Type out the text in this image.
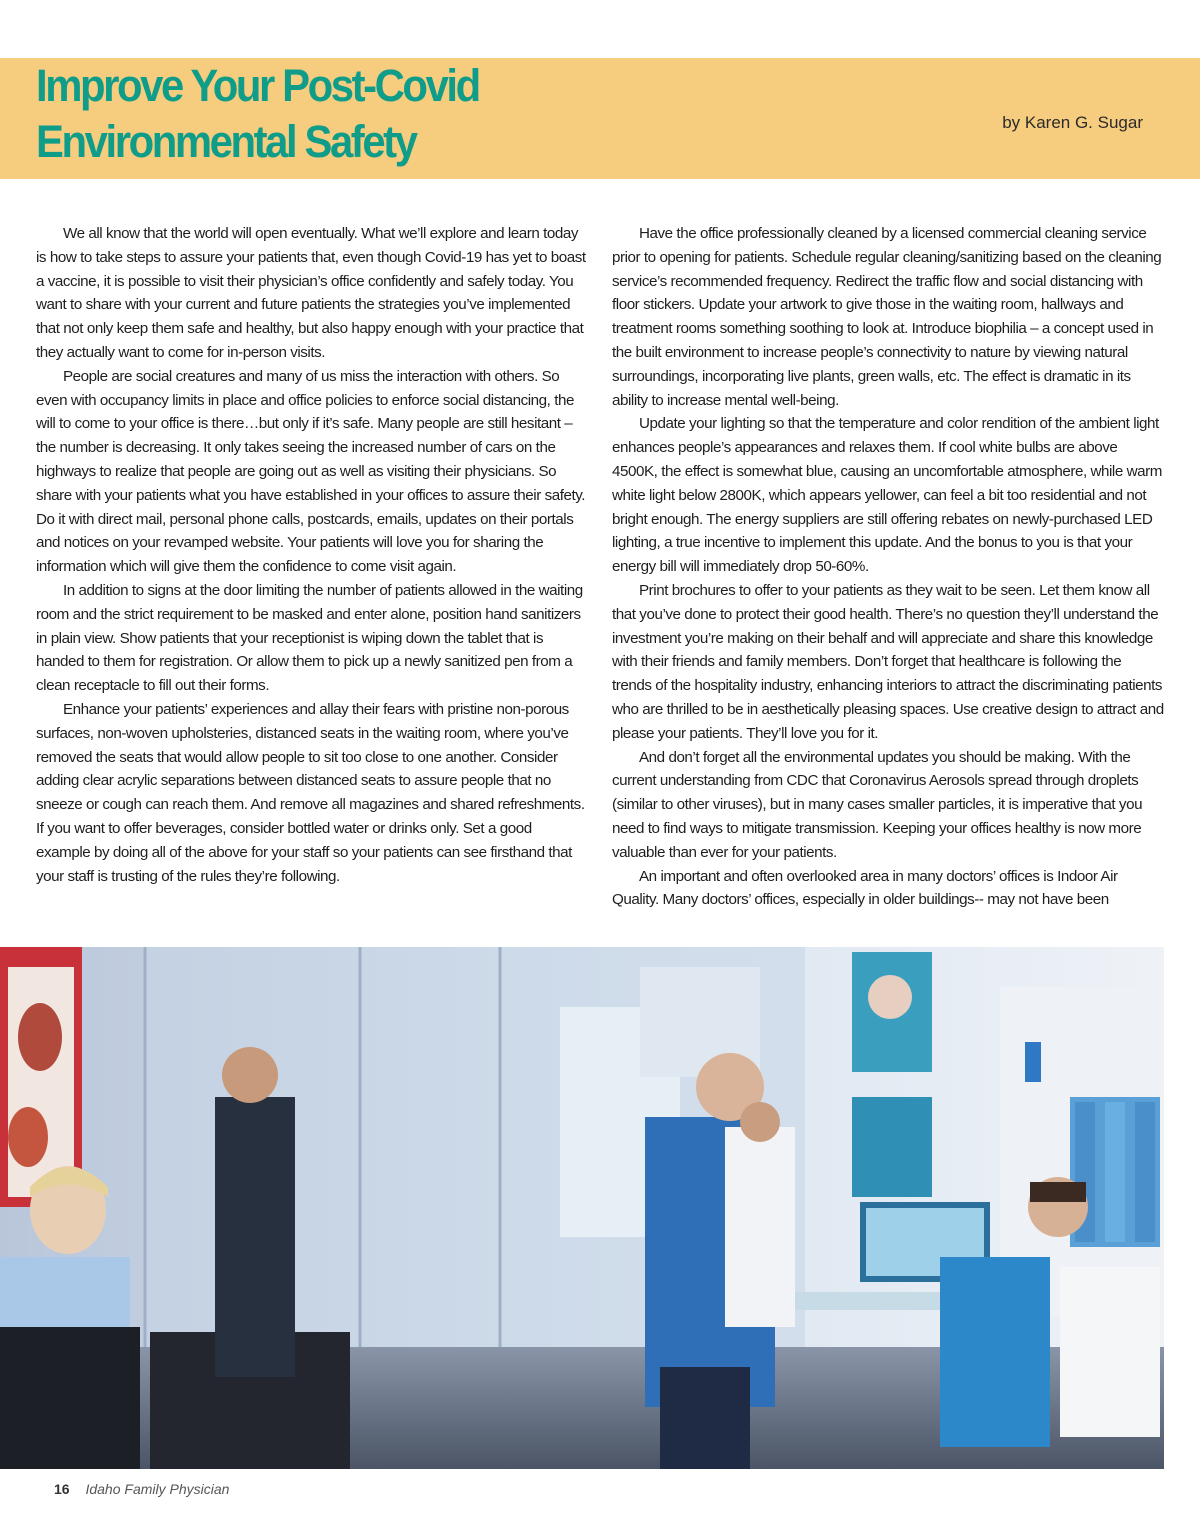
Improve Your Post-Covid
Environmental Safety	by Karen G. Sugar

We all know that the world will open eventually. What we’ll explore and learn today is how to take steps to assure your patients that, even though Covid-19 has yet to boast a vaccine, it is possible to visit their physician’s office confidently and safely today. You want to share with your current and future patients the strategies you’ve implemented that not only keep them safe and healthy, but also happy enough with your practice that they actually want to come for in-person visits.

People are social creatures and many of us miss the interaction with others. So even with occupancy limits in place and office policies to enforce social distancing, the will to come to your office is there…but only if it’s safe. Many people are still hesitant – the number is decreasing. It only takes seeing the increased number of cars on the highways to realize that people are going out as well as visiting their physicians. So share with your patients what you have established in your offices to assure their safety. Do it with direct mail, personal phone calls, postcards, emails, updates on their portals and notices on your revamped website. Your patients will love you for sharing the information which will give them the confidence to come visit again.

In addition to signs at the door limiting the number of patients allowed in the waiting room and the strict requirement to be masked and enter alone, position hand sanitizers in plain view. Show patients that your receptionist is wiping down the tablet that is handed to them for registration. Or allow them to pick up a newly sanitized pen from a clean receptacle to fill out their forms.

Enhance your patients’ experiences and allay their fears with pristine non-porous surfaces, non-woven upholsteries, distanced seats in the waiting room, where you’ve removed the seats that would allow people to sit too close to one another. Consider adding clear acrylic separations between distanced seats to assure people that no sneeze or cough can reach them. And remove all magazines and shared refreshments. If you want to offer beverages, consider bottled water or drinks only. Set a good example by doing all of the above for your staff so your patients can see firsthand that your staff is trusting of the rules they’re following.

Have the office professionally cleaned by a licensed commercial cleaning service prior to opening for patients. Schedule regular cleaning/sanitizing based on the cleaning service’s recommended frequency. Redirect the traffic flow and social distancing with floor stickers. Update your artwork to give those in the waiting room, hallways and treatment rooms something soothing to look at. Introduce biophilia – a concept used in the built environment to increase people’s connectivity to nature by viewing natural surroundings, incorporating live plants, green walls, etc. The effect is dramatic in its ability to increase mental well-being.

Update your lighting so that the temperature and color rendition of the ambient light enhances people’s appearances and relaxes them. If cool white bulbs are above 4500K, the effect is somewhat blue, causing an uncomfortable atmosphere, while warm white light below 2800K, which appears yellower, can feel a bit too residential and not bright enough. The energy suppliers are still offering rebates on newly-purchased LED lighting, a true incentive to implement this update. And the bonus to you is that your energy bill will immediately drop 50-60%.

Print brochures to offer to your patients as they wait to be seen. Let them know all that you’ve done to protect their good health. There’s no question they’ll understand the investment you’re making on their behalf and will appreciate and share this knowledge with their friends and family members. Don’t forget that healthcare is following the trends of the hospitality industry, enhancing interiors to attract the discriminating patients who are thrilled to be in aesthetically pleasing spaces. Use creative design to attract and please your patients. They’ll love you for it.

And don’t forget all the environmental updates you should be making. With the current understanding from CDC that Coronavirus Aerosols spread through droplets (similar to other viruses), but in many cases smaller particles, it is imperative that you need to find ways to mitigate transmission. Keeping your offices healthy is now more valuable than ever for your patients.

An important and often overlooked area in many doctors’ offices is Indoor Air Quality. Many doctors’ offices, especially in older buildings-- may not have been

16 Idaho Family Physician
